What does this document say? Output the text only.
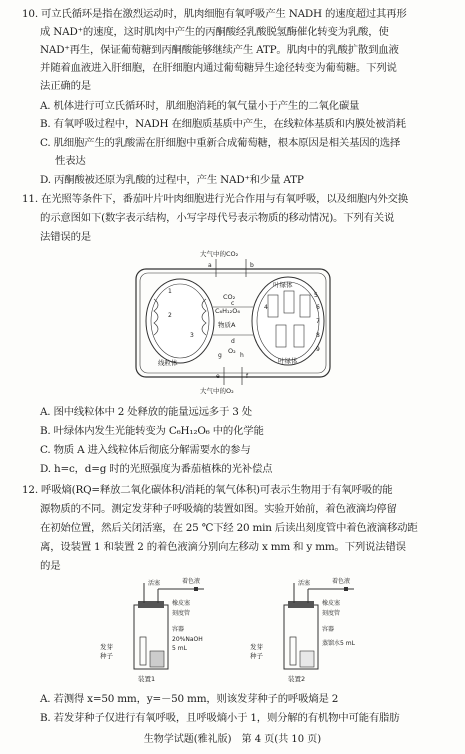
10. 可立氏循环是指在激烈运动时，肌肉细胞有氧呼吸产生 NADH 的速度超过其再形
成 NAD⁺的速度，这时肌肉中产生的丙酮酸经乳酸脱氢酶催化转变为乳酸，使
NAD⁺再生，保证葡萄糖到丙酮酸能够继续产生 ATP。肌肉中的乳酸扩散到血液
并随着血液进入肝细胞，在肝细胞内通过葡萄糖异生途径转变为葡萄糖。下列说
法正确的是
A. 机体进行可立氏循环时，肌细胞消耗的氧气量小于产生的二氧化碳量
B. 有氧呼吸过程中，NADH 在细胞质基质中产生，在线粒体基质和内膜处被消耗
C. 肌细胞产生的乳酸需在肝细胞中重新合成葡萄糖，根本原因是相关基因的选择
性表达
D. 丙酮酸被还原为乳酸的过程中，产生 NAD⁺和少量 ATP
11. 在光照等条件下，番茄叶片叶肉细胞进行光合作用与有氧呼吸，以及细胞内外交换
的示意图如下(数字表示结构，小写字母代号表示物质的移动情况)。下列有关说
法错误的是
大气中的CO₂
大气中的O₂
线粒体
1
2
3
CO₂
C₆H₁₂O₆
物质A
O₂
a	b
c
d
e	f
g	h
叶绿体
叶绿体
4
5
6
7
8
9
A. 图中线粒体中 2 处释放的能量远远多于 3 处
B. 叶绿体内发生光能转变为 C₆H₁₂O₆ 中的化学能
C. 物质 A 进入线粒体后彻底分解需要水的参与
D. h=c，d=g 时的光照强度为番茄植株的光补偿点
12. 呼吸熵(RQ=释放二氧化碳体积/消耗的氧气体积)可表示生物用于有氧呼吸的能
源物质的不同。测定发芽种子呼吸熵的装置如图。实验开始前，着色液滴均停留
在初始位置，然后关闭活塞，在 25 ℃下经 20 min 后读出刻度管中着色液滴移动距
离，设装置 1 和装置 2 的着色液滴分别向左移动 x mm 和 y mm。下列说法错误
的是
活塞	着色液
橡皮塞
刻度管
容器
20%NaOH
5 mL
发芽
种子
装置1
活塞	着色液
橡皮塞
刻度管
容器
蒸馏水5 mL
发芽
种子
装置2
A. 若测得 x=50 mm，y=－50 mm，则该发芽种子的呼吸熵是 2
B. 若发芽种子仅进行有氧呼吸，且呼吸熵小于 1，则分解的有机物中可能有脂肪
生物学试题(雅礼版)　第 4 页(共 10 页)
